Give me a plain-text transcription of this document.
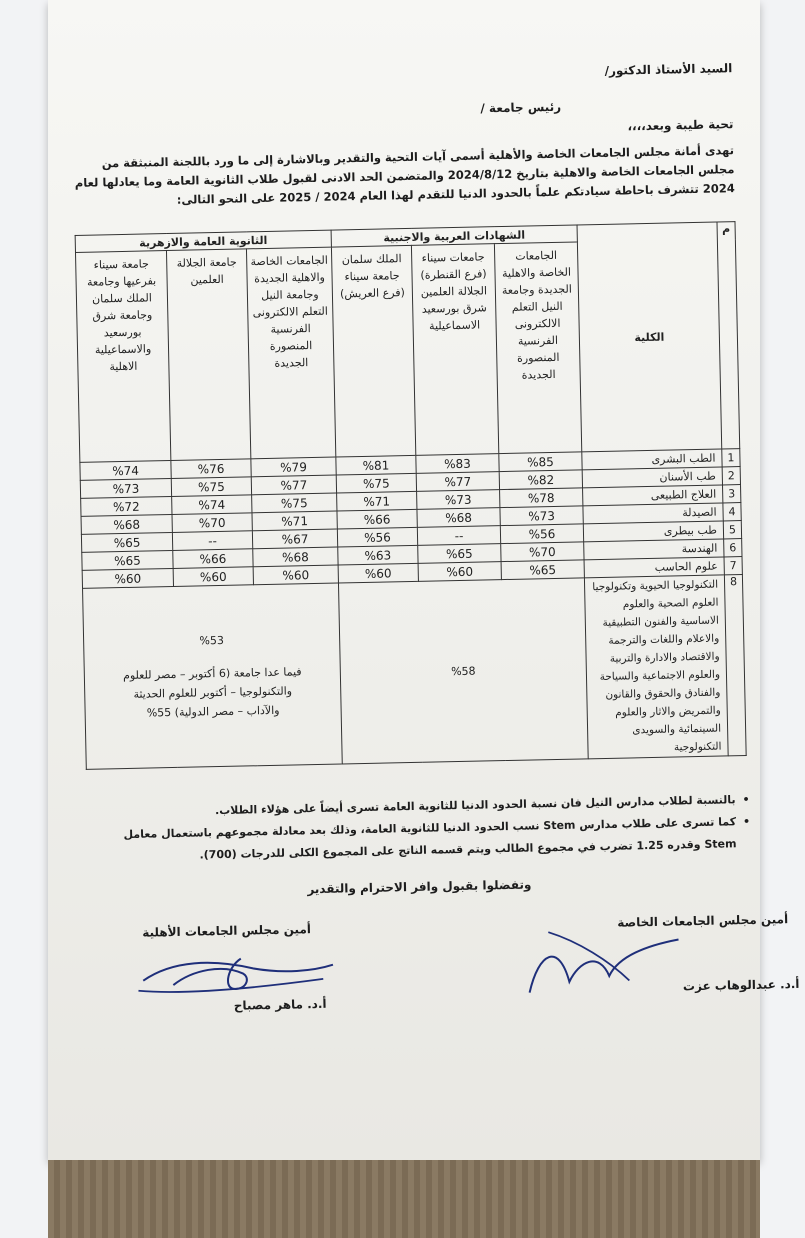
السيد الأستاذ الدكتور/
رئيس جامعة /
تحية طيبة وبعد،،،،
تهدى أمانة مجلس الجامعات الخاصة والأهلية أسمى آيات التحية والتقدير وبالاشارة إلى ما ورد باللجنة المنبثقة من مجلس الجامعات الخاصة والاهلية بتاريخ 2024/8/12 والمتضمن الحد الادنى لقبول طلاب الثانوية العامة وما يعادلها لعام 2024 تتشرف باحاطة سيادتكم علماً بالحدود الدنيا للتقدم لهذا العام 2024 / 2025 على النحو التالى:
م	الكلية	الشهادات العربية والاجنبية			الثانوية العامة والازهرية		
		الجامعات الخاصة والاهلية الجديدة وجامعة النيل التعلم الالكترونى الفرنسية المنصورة الجديدة	جامعات سيناء (فرع القنطرة) الجلالة العلمين شرق بورسعيد الاسماعيلية	الملك سلمان جامعة سيناء (فرع العريش)	الجامعات الخاصة والاهلية الجديدة وجامعة النيل التعلم الالكترونى الفرنسية المنصورة الجديدة	جامعة الجلالة العلمين	جامعة سيناء بفرعيها وجامعة الملك سلمان وجامعة شرق بورسعيد والاسماعيلية الاهلية
1	الطب البشرى	%85	%83	%81	%79	%76	%74
2	طب الأسنان	%82	%77	%75	%77	%75	%73
3	العلاج الطبيعى	%78	%73	%71	%75	%74	%72
4	الصيدلة	%73	%68	%66	%71	%70	%68
5	طب بيطرى	%56	--	%56	%67	--	%65
6	الهندسة	%70	%65	%63	%68	%66	%65
7	علوم الحاسب	%65	%60	%60	%60	%60	%60
8	التكنولوجيا الحيوية وتكنولوجيا العلوم الصحية والعلوم الاساسية والفنون التطبيقية والاعلام واللغات والترجمة والاقتصاد والادارة والتربية والعلوم الاجتماعية والسياحة والفنادق والحقوق والقانون والتمريض والاثار والعلوم السينمائية والسويدى التكنولوجية	%58			%53
فيما عدا جامعة (6 أكتوبر – مصر للعلوم والتكنولوجيا – أكتوبر للعلوم الحديثة والآداب – مصر الدولية) 55%		
• بالنسبة لطلاب مدارس النيل فان نسبة الحدود الدنيا للثانوية العامة تسرى أيضاً على هؤلاء الطلاب.
• كما تسرى على طلاب مدارس Stem نسب الحدود الدنيا للثانوية العامة، وذلك بعد معادلة مجموعهم باستعمال معامل Stem وقدره 1.25 تضرب في مجموع الطالب ويتم قسمه الناتج على المجموع الكلى للدرجات (700).
وتفضلوا بقبول وافر الاحترام والتقدير
أمين مجلس الجامعات الخاصة
أمين مجلس الجامعات الأهلية
أ.د. ماهر مصباح
أ.د. عبدالوهاب عزت
